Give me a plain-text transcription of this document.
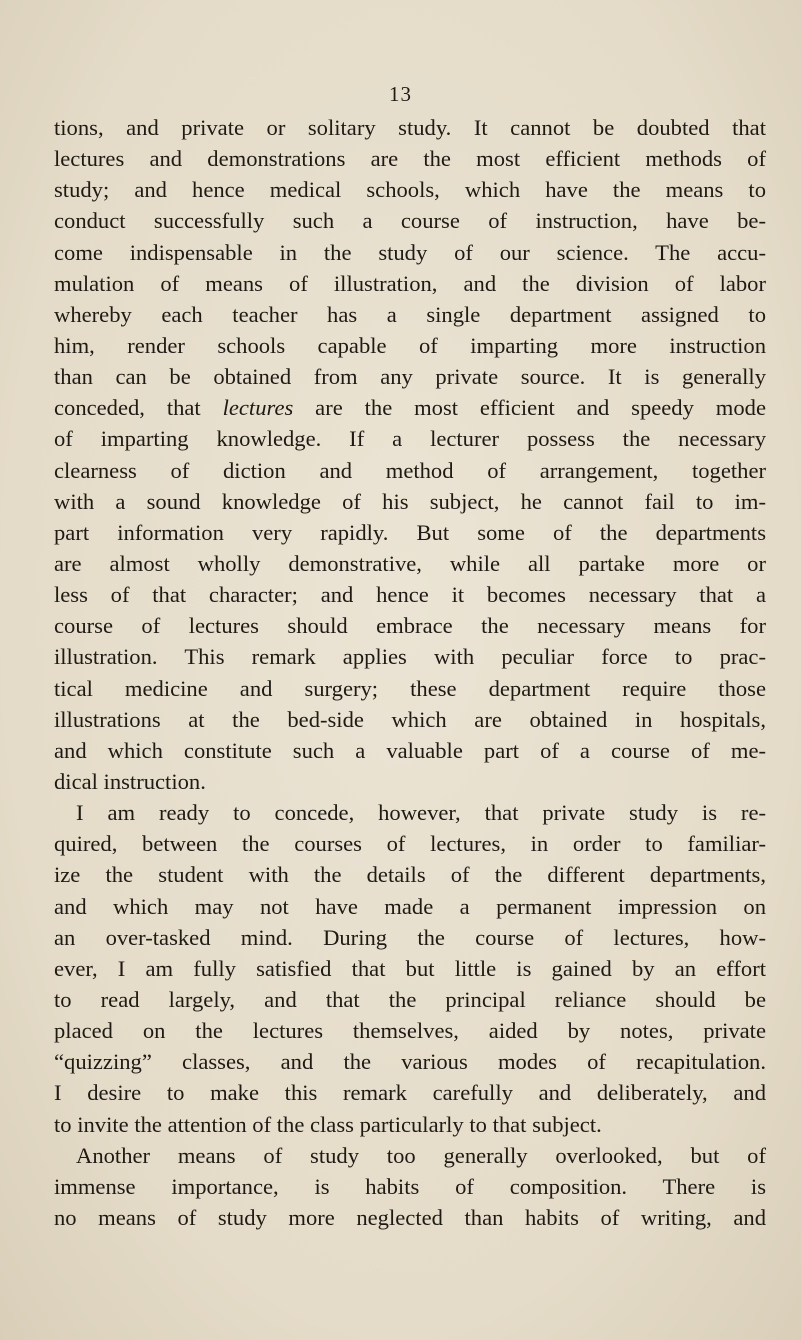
13
tions, and private or solitary study. It cannot be doubted that
lectures and demonstrations are the most efficient methods of
study; and hence medical schools, which have the means to
conduct successfully such a course of instruction, have be-
come indispensable in the study of our science. The accu-
mulation of means of illustration, and the division of labor
whereby each teacher has a single department assigned to
him, render schools capable of imparting more instruction
than can be obtained from any private source. It is generally
conceded, that lectures are the most efficient and speedy mode
of imparting knowledge. If a lecturer possess the necessary
clearness of diction and method of arrangement, together
with a sound knowledge of his subject, he cannot fail to im-
part information very rapidly. But some of the departments
are almost wholly demonstrative, while all partake more or
less of that character; and hence it becomes necessary that a
course of lectures should embrace the necessary means for
illustration. This remark applies with peculiar force to prac-
tical medicine and surgery; these department require those
illustrations at the bed-side which are obtained in hospitals,
and which constitute such a valuable part of a course of me-
dical instruction.
I am ready to concede, however, that private study is re-
quired, between the courses of lectures, in order to familiar-
ize the student with the details of the different departments,
and which may not have made a permanent impression on
an over-tasked mind. During the course of lectures, how-
ever, I am fully satisfied that but little is gained by an effort
to read largely, and that the principal reliance should be
placed on the lectures themselves, aided by notes, private
“quizzing” classes, and the various modes of recapitulation.
I desire to make this remark carefully and deliberately, and
to invite the attention of the class particularly to that subject.
Another means of study too generally overlooked, but of
immense importance, is habits of composition. There is
no means of study more neglected than habits of writing, and
